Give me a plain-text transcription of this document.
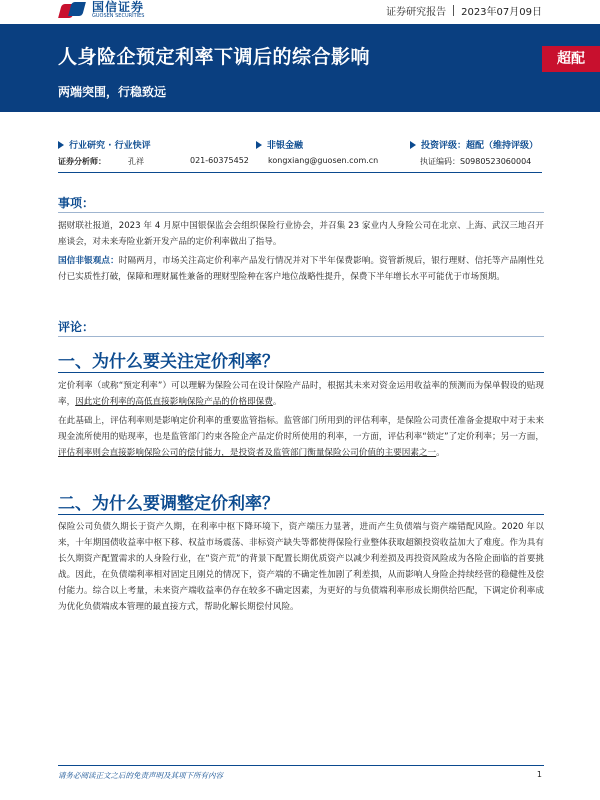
国信证券
GUOSEN SECURITIES	证券研究报告 2023年07月09日
人身险企预定利率下调后的综合影响
两端突围，行稳致远
超配
行业研究 · 行业快评	非银金融	投资评级：超配（维持评级）
证券分析师：	孔祥	021-60375452 kongxiang@guosen.com.cn	执证编码：S0980523060004
事项：
据财联社报道，2023 年 4 月原中国银保监会会组织保险行业协会，并召集 23 家业内人身险公司在北京、上海、武汉三地召开座谈会，对未来寿险业新开发产品的定价利率做出了指导。
国信非银观点：时隔两月，市场关注高定价利率产品发行情况并对下半年保费影响。资管新规后，银行理财、信托等产品刚性兑付已实质性打破，保障和理财属性兼备的理财型险种在客户地位战略性提升，保费下半年增长水平可能优于市场预期。
评论：
一、为什么要关注定价利率？
定价利率（或称“预定利率”）可以理解为保险公司在设计保险产品时，根据其未来对资金运用收益率的预测而为保单假设的贴现率，因此定价利率的高低直接影响保险产品的价格即保费。
在此基础上，评估利率则是影响定价利率的重要监管指标。监管部门所用到的评估利率，是保险公司责任准备金提取中对于未来现金流所使用的贴现率，也是监管部门约束各险企产品定价时所使用的利率，一方面，评估利率“锁定”了定价利率；另一方面，评估利率则会直接影响保险公司的偿付能力，是投资者及监管部门衡量保险公司价值的主要因素之一。
二、为什么要调整定价利率？
保险公司负债久期长于资产久期，在利率中枢下降环境下，资产端压力显著，进而产生负债端与资产端错配风险。2020 年以来，十年期国债收益率中枢下移、权益市场震荡、非标资产缺失等都使得保险行业整体获取超额投资收益加大了难度。作为具有长久期资产配置需求的人身险行业，在“资产荒”的背景下配置长期优质资产以减少利差损及再投资风险成为各险企面临的首要挑战。因此，在负债端利率相对固定且刚兑的情况下，资产端的不确定性加剧了利差损，从而影响人身险企持续经营的稳健性及偿付能力。综合以上考量，未来资产端收益率仍存在较多不确定因素，为更好的与负债端利率形成长期供给匹配，下调定价利率成为优化负债端成本管理的最直接方式，帮助化解长期偿付风险。
请务必阅读正文之后的免责声明及其项下所有内容	1
